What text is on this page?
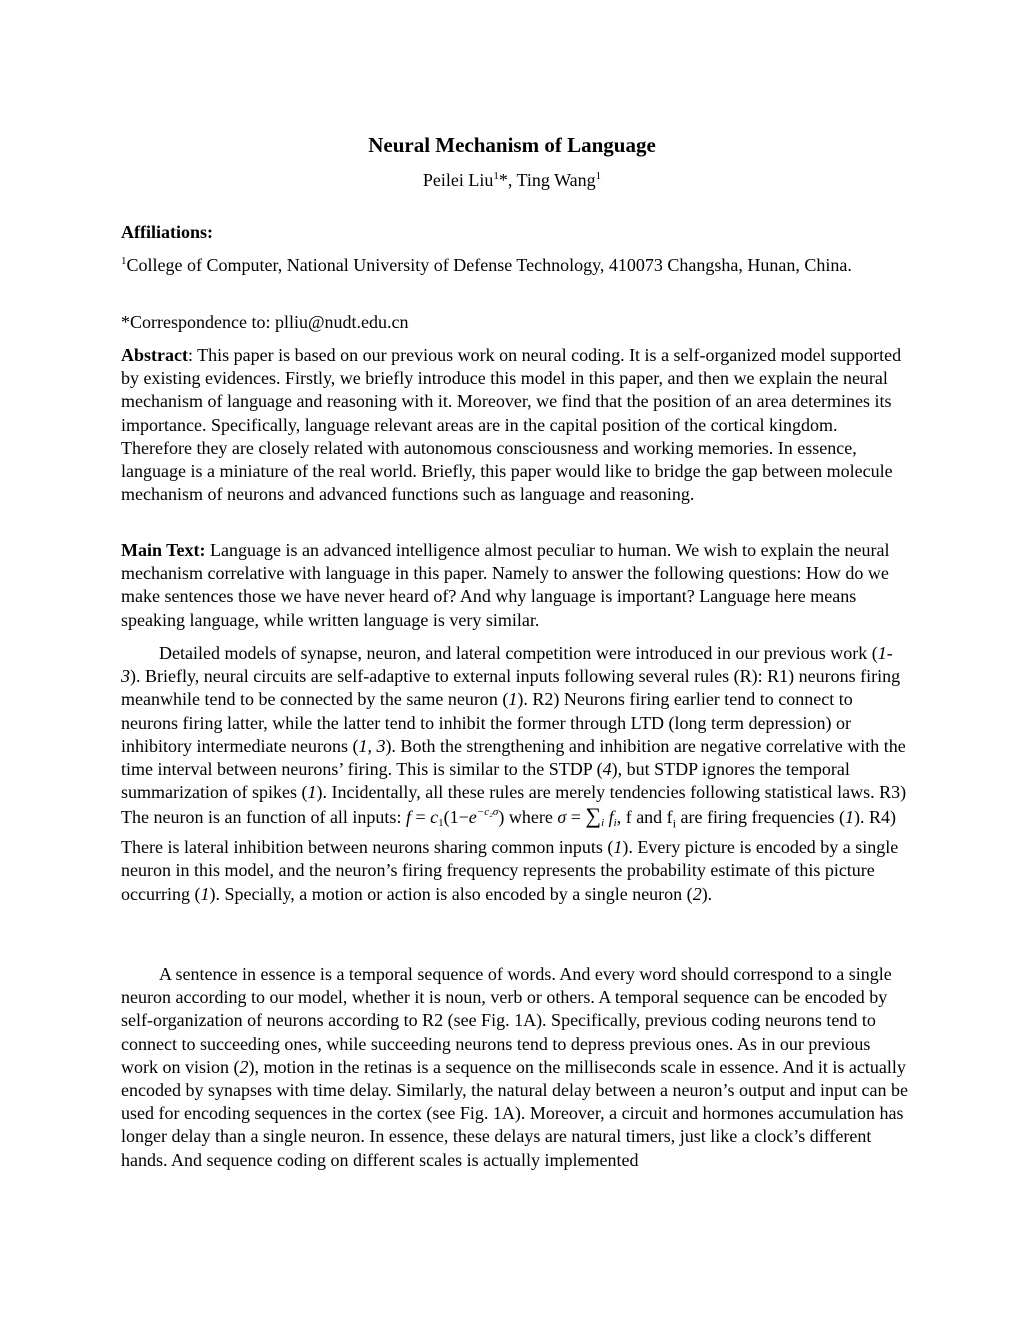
Neural Mechanism of Language
Peilei Liu$^1$*, Ting Wang$^1$
Affiliations:
$^1$College of Computer, National University of Defense Technology, 410073 Changsha, Hunan, China.
*Correspondence to: plliu@nudt.edu.cn
Abstract: This paper is based on our previous work on neural coding. It is a self-organized model supported by existing evidences. Firstly, we briefly introduce this model in this paper, and then we explain the neural mechanism of language and reasoning with it. Moreover, we find that the position of an area determines its importance. Specifically, language relevant areas are in the capital position of the cortical kingdom. Therefore they are closely related with autonomous consciousness and working memories. In essence, language is a miniature of the real world. Briefly, this paper would like to bridge the gap between molecule mechanism of neurons and advanced functions such as language and reasoning.
Main Text: Language is an advanced intelligence almost peculiar to human. We wish to explain the neural mechanism correlative with language in this paper. Namely to answer the following questions: How do we make sentences those we have never heard of? And why language is important? Language here means speaking language, while written language is very similar.
Detailed models of synapse, neuron, and lateral competition were introduced in our previous work (1-3). Briefly, neural circuits are self-adaptive to external inputs following several rules (R): R1) neurons firing meanwhile tend to be connected by the same neuron (1). R2) Neurons firing earlier tend to connect to neurons firing latter, while the latter tend to inhibit the former through LTD (long term depression) or inhibitory intermediate neurons (1, 3). Both the strengthening and inhibition are negative correlative with the time interval between neurons’ firing. This is similar to the STDP (4), but STDP ignores the temporal summarization of spikes (1). Incidentally, all these rules are merely tendencies following statistical laws. R3) The neuron is an function of all inputs: $f = c_1(1-e^{-c_2\sigma})$ where $\sigma = \sum_i$ $f_i$, f and $f_i$ are firing frequencies (1). R4) There is lateral inhibition between neurons sharing common inputs (1). Every picture is encoded by a single neuron in this model, and the neuron’s firing frequency represents the probability estimate of this picture occurring (1). Specially, a motion or action is also encoded by a single neuron (2).
A sentence in essence is a temporal sequence of words. And every word should correspond to a single neuron according to our model, whether it is noun, verb or others. A temporal sequence can be encoded by self-organization of neurons according to R2 (see Fig. 1A). Specifically, previous coding neurons tend to connect to succeeding ones, while succeeding neurons tend to depress previous ones. As in our previous work on vision (2), motion in the retinas is a sequence on the milliseconds scale in essence. And it is actually encoded by synapses with time delay. Similarly, the natural delay between a neuron’s output and input can be used for encoding sequences in the cortex (see Fig. 1A). Moreover, a circuit and hormones accumulation has longer delay than a single neuron. In essence, these delays are natural timers, just like a clock’s different hands. And sequence coding on different scales is actually implemented
